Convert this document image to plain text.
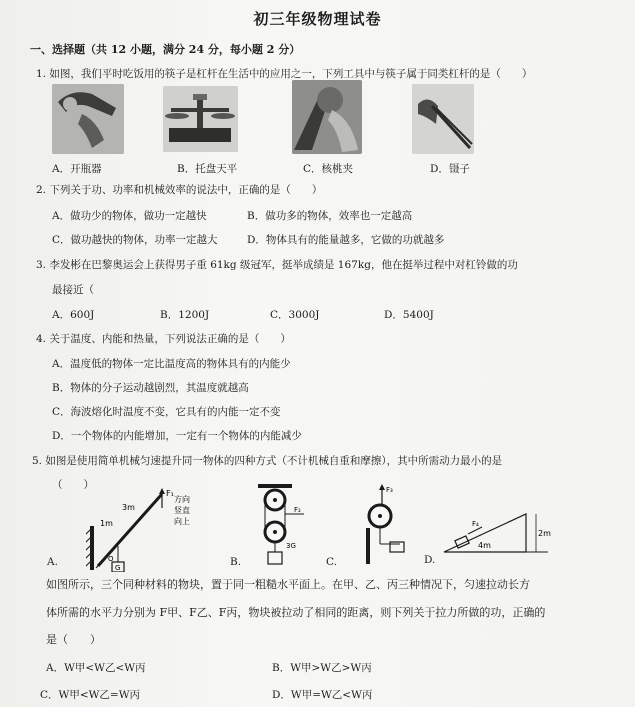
初三年级物理试卷
一、选择题（共 12 小题，满分 24 分，每小题 2 分）
1. 如图，我们平时吃饭用的筷子是杠杆在生活中的应用之一，下列工具中与筷子属于同类杠杆的是（　　）
A．开瓶器	B．托盘天平	C．核桃夹	D．镊子
2. 下列关于功、功率和机械效率的说法中，正确的是（　　）
A．做功少的物体，做功一定越快	B．做功多的物体，效率也一定越高
C．做功越快的物体，功率一定越大	D．物体具有的能量越多，它做的功就越多
3. 李发彬在巴黎奥运会上获得男子重 61kg 级冠军，挺举成绩是 167kg，他在挺举过程中对杠铃做的功
最接近（
A．600J	B．1200J	C．3000J	D．5400J
4. 关于温度、内能和热量，下列说法正确的是（　　）
A．温度低的物体一定比温度高的物体具有的内能少
B．物体的分子运动越剧烈，其温度就越高
C．海波熔化时温度不变，它具有的内能一定不变
D．一个物体的内能增加，一定有一个物体的内能减少
5. 如图是使用简单机械匀速提升同一物体的四种方式（不计机械自重和摩擦），其中所需动力最小的是
（　　）
F₁
方向
竖直
向上
3m
1m
O
G
A.
F₂
3G
B.
F₃
C.
F₄
4m
2m
D.
如图所示，三个同种材料的物块，置于同一粗糙水平面上。在甲、乙、丙三种情况下，匀速拉动长方
体所需的水平力分别为 F甲、F乙、F丙，物块被拉动了相同的距离，则下列关于拉力所做的功，正确的
是（　　）
A．W甲<W乙<W丙	B．W甲>W乙>W丙
C．W甲<W乙=W丙	D．W甲=W乙<W丙
